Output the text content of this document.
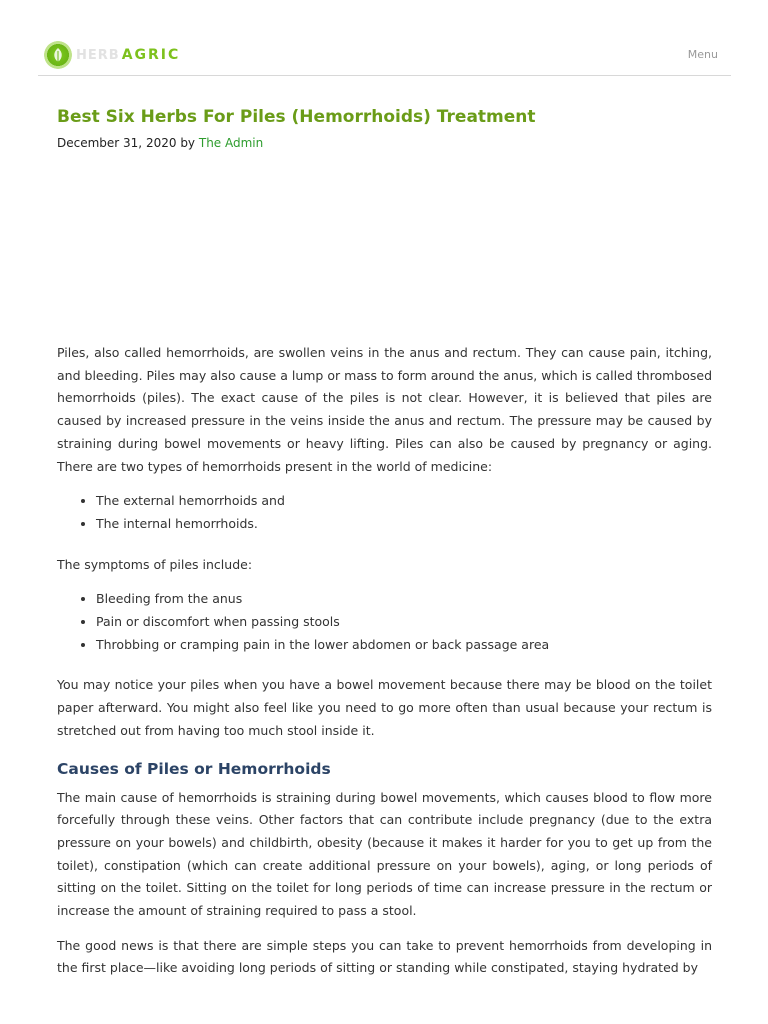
HERB AGRIC	Menu
Best Six Herbs For Piles (Hemorrhoids) Treatment
December 31, 2020 by The Admin

Piles, also called hemorrhoids, are swollen veins in the anus and rectum. They can cause pain, itching, and bleeding. Piles may also cause a lump or mass to form around the anus, which is called thrombosed hemorrhoids (piles). The exact cause of the piles is not clear. However, it is believed that piles are caused by increased pressure in the veins inside the anus and rectum. The pressure may be caused by straining during bowel movements or heavy lifting. Piles can also be caused by pregnancy or aging. There are two types of hemorrhoids present in the world of medicine:

• The external hemorrhoids and
• The internal hemorrhoids.

The symptoms of piles include:

• Bleeding from the anus
• Pain or discomfort when passing stools
• Throbbing or cramping pain in the lower abdomen or back passage area

You may notice your piles when you have a bowel movement because there may be blood on the toilet paper afterward. You might also feel like you need to go more often than usual because your rectum is stretched out from having too much stool inside it.

Causes of Piles or Hemorrhoids

The main cause of hemorrhoids is straining during bowel movements, which causes blood to flow more forcefully through these veins. Other factors that can contribute include pregnancy (due to the extra pressure on your bowels) and childbirth, obesity (because it makes it harder for you to get up from the toilet), constipation (which can create additional pressure on your bowels), aging, or long periods of sitting on the toilet. Sitting on the toilet for long periods of time can increase pressure in the rectum or increase the amount of straining required to pass a stool.

The good news is that there are simple steps you can take to prevent hemorrhoids from developing in the first place—like avoiding long periods of sitting or standing while constipated, staying hydrated by
